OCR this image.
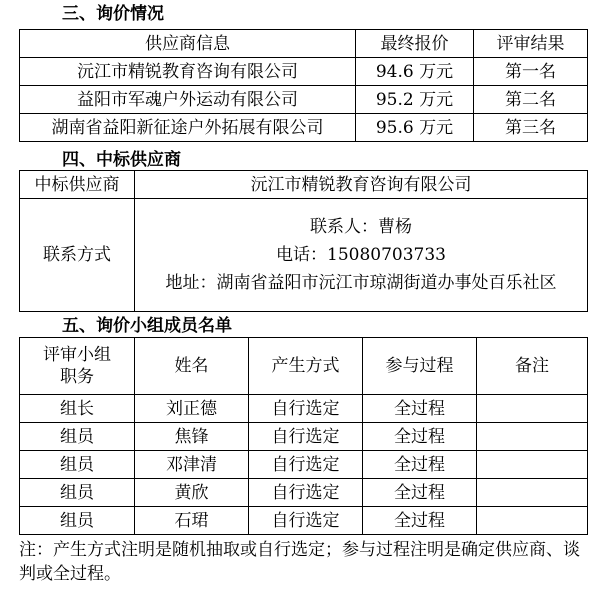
三、询价情况
供应商信息	最终报价	评审结果
沅江市精锐教育咨询有限公司	94.6 万元	第一名
益阳市军魂户外运动有限公司	95.2 万元	第二名
湖南省益阳新征途户外拓展有限公司	95.6 万元	第三名
四、中标供应商
中标供应商	沅江市精锐教育咨询有限公司
联系方式	联系人：曹杨
电话：15080703733
地址：湖南省益阳市沅江市琼湖街道办事处百乐社区
五、询价小组成员名单
评审小组职务	姓名	产生方式	参与过程	备注
组长	刘正德	自行选定	全过程	
组员	焦锋	自行选定	全过程	
组员	邓津清	自行选定	全过程	
组员	黄欣	自行选定	全过程	
组员	石珺	自行选定	全过程	
注：产生方式注明是随机抽取或自行选定；参与过程注明是确定供应商、谈判或全过程。
